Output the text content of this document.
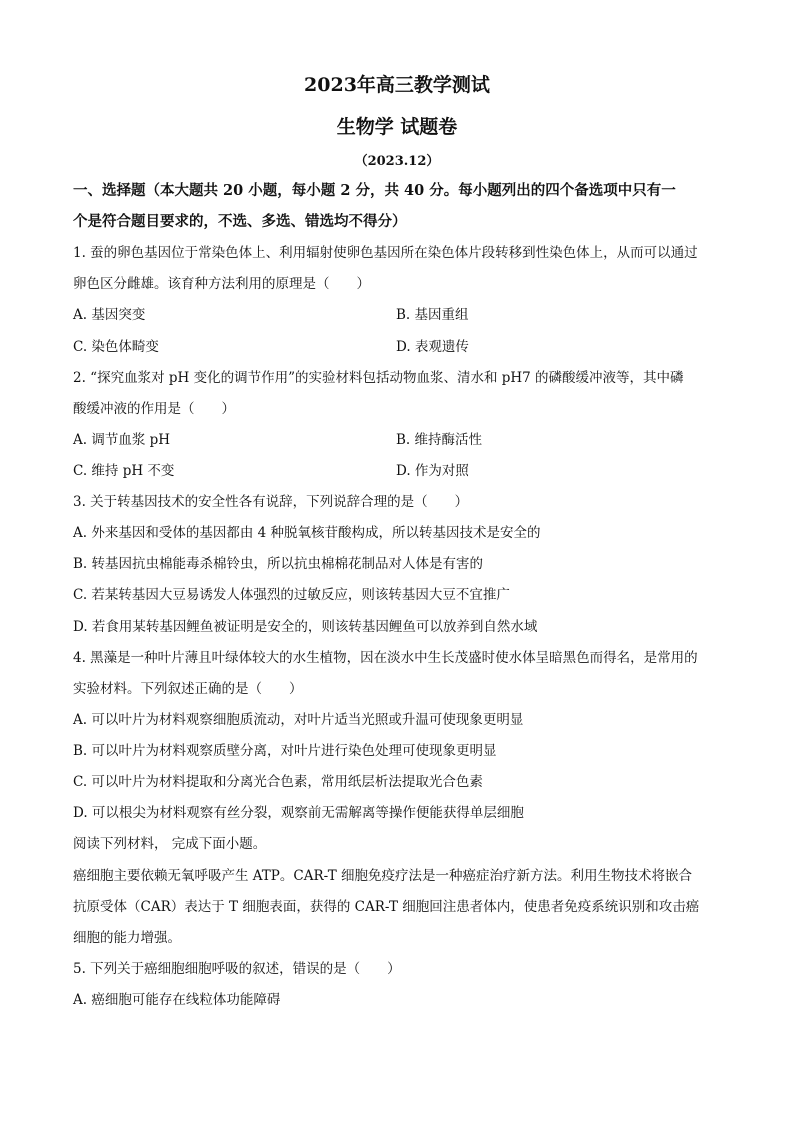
2023年高三教学测试
生物学 试题卷
（2023.12）
一、选择题（本大题共 20 小题，每小题 2 分，共 40 分。每小题列出的四个备选项中只有一
个是符合题目要求的，不选、多选、错选均不得分）
1. 蚕的卵色基因位于常染色体上、利用辐射使卵色基因所在染色体片段转移到性染色体上，从而可以通过
卵色区分雌雄。该育种方法利用的原理是（　　）
A. 基因突变	B. 基因重组
C. 染色体畸变	D. 表观遗传
2. “探究血浆对 pH 变化的调节作用”的实验材料包括动物血浆、清水和 pH7 的磷酸缓冲液等，其中磷
酸缓冲液的作用是（　　）
A. 调节血浆 pH	B. 维持酶活性
C. 维持 pH 不变	D. 作为对照
3. 关于转基因技术的安全性各有说辞，下列说辞合理的是（　　）
A. 外来基因和受体的基因都由 4 种脱氧核苷酸构成，所以转基因技术是安全的
B. 转基因抗虫棉能毒杀棉铃虫，所以抗虫棉棉花制品对人体是有害的
C. 若某转基因大豆易诱发人体强烈的过敏反应，则该转基因大豆不宜推广
D. 若食用某转基因鲤鱼被证明是安全的，则该转基因鲤鱼可以放养到自然水域
4. 黑藻是一种叶片薄且叶绿体较大的水生植物，因在淡水中生长茂盛时使水体呈暗黑色而得名，是常用的
实验材料。下列叙述正确的是（　　）
A. 可以叶片为材料观察细胞质流动，对叶片适当光照或升温可使现象更明显
B. 可以叶片为材料观察质壁分离，对叶片进行染色处理可使现象更明显
C. 可以叶片为材料提取和分离光合色素，常用纸层析法提取光合色素
D. 可以根尖为材料观察有丝分裂，观察前无需解离等操作便能获得单层细胞
阅读下列材料， 完成下面小题。
癌细胞主要依赖无氧呼吸产生 ATP。CAR-T 细胞免疫疗法是一种癌症治疗新方法。利用生物技术将嵌合
抗原受体（CAR）表达于 T 细胞表面，获得的 CAR-T 细胞回注患者体内，使患者免疫系统识别和攻击癌
细胞的能力增强。
5. 下列关于癌细胞细胞呼吸的叙述，错误的是（　　）
A. 癌细胞可能存在线粒体功能障碍
